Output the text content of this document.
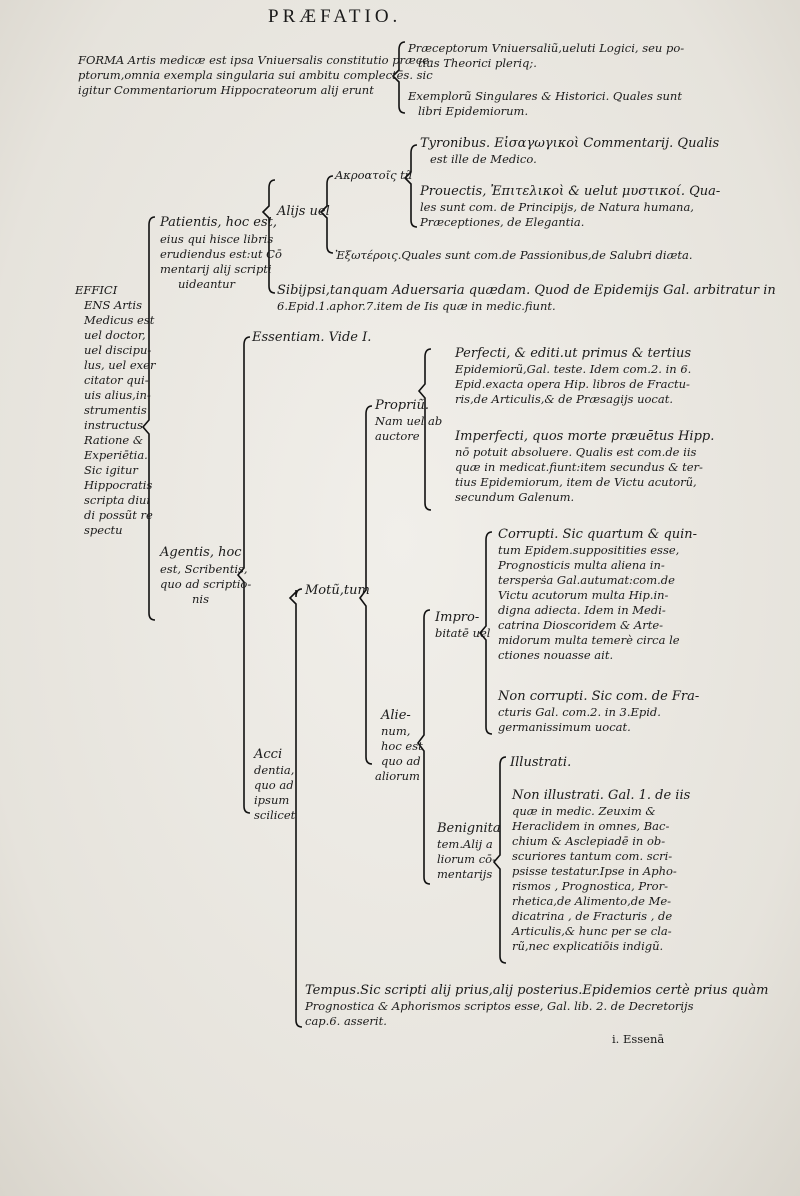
PRÆFATIO.
FORMA Artis medicæ est ipsa Vniuersalis constitutio præce-
ptorum,omnia exempla singularia sui ambitu complectēs. sic
igitur Commentariorum Hippocrateorum alij erunt
Præceptorum Vniuersaliũ,ueluti Logici, seu po-
tius Theorici pleriq;.
Exemplorũ Singulares & Historici. Quales sunt
libri Epidemiorum.
EFFICI
ENS Artis
Medicus est
uel doctor,
uel discipu-
lus, uel exer
citator qui-
uis alius,in-
strumentis
instructus
Ratione &
Experiētia.
Sic igitur
Hippocratis
scripta diui
di possũt re
spectu
Patientis, hoc est,
eius qui hisce libris
erudiendus est:ut Cō
mentarij alij scripti
uideantur
Alijs uel
Ακροατοῖς tũ
Tyronibus. Εἰσαγωγικοὶ Commentarij. Qualis
est ille de Medico.
Prouectis, Ἐπιτελικοὶ & uelut μυστικοί. Qua-
les sunt com. de Principijs, de Natura humana,
Præceptiones, de Elegantia.
Ἐξωτέροις.Quales sunt com.de Passionibus,de Salubri diæta.
Sibijpsi,tanquam Aduersaria quædam. Quod de Epidemijs Gal. arbitratur in
6.Epid.1.aphor.7.item de Iis quæ in medic.fiunt.
Essentiam. Vide I.
Propriũ.
Nam uel ab
auctore
Perfecti, & editi.ut primus & tertius
Epidemiorũ,Gal. teste. Idem com.2. in 6.
Epid.exacta opera Hip. libros de Fractu-
ris,de Articulis,& de Præsagijs uocat.
Imperfecti, quos morte præuētus Hipp.
nō potuit absoluere. Qualis est com.de iis
quæ in medicat.fiunt:item secundus & ter-
tius Epidemiorum, item de Victu acutorũ,
secundum Galenum.
Agentis, hoc
est, Scribentis,
quo ad scriptio-
nis
Motũ,tum
Corrupti. Sic quartum & quin-
tum Epidem.suppositities esse,
Prognosticis multa aliena in-
tersperṡa Gal.autumat:com.de
Victu acutorum multa Hip.in-
digna adiecta. Idem in Medi-
catrina Dioscoridem & Arte-
midorum multa temerè circa le
ctiones nouasse ait.
Impro-
bitatē uel
Non corrupti. Sic com. de Fra-
cturis Gal. com.2. in 3.Epid.
germanissimum uocat.
Alie-
num,
hoc est
quo ad
aliorum
Illustrati.
Non illustrati. Gal. 1. de iis
quæ in medic. Zeuxim &
Heraclidem in omnes, Bac-
chium & Asclepiadē in ob-
scuriores tantum com. scri-
psisse testatur.Ipse in Apho-
rismos , Prognostica, Pror-
rhetica,de Alimento,de Me-
dicatrina , de Fracturis , de
Articulis,& hunc per se cla-
rũ,nec explicatiōis indigũ.
Benignita
tem.Alij a
liorum cō-
mentarijs
Acci
dentia,
quo ad
ipsum
scilicet
Tempus.Sic scripti alij prius,alij posterius.Epidemios certè prius quàm
Prognostica & Aphorismos scriptos esse, Gal. lib. 2. de Decretorijs
cap.6. asserit.
i. Essenā
